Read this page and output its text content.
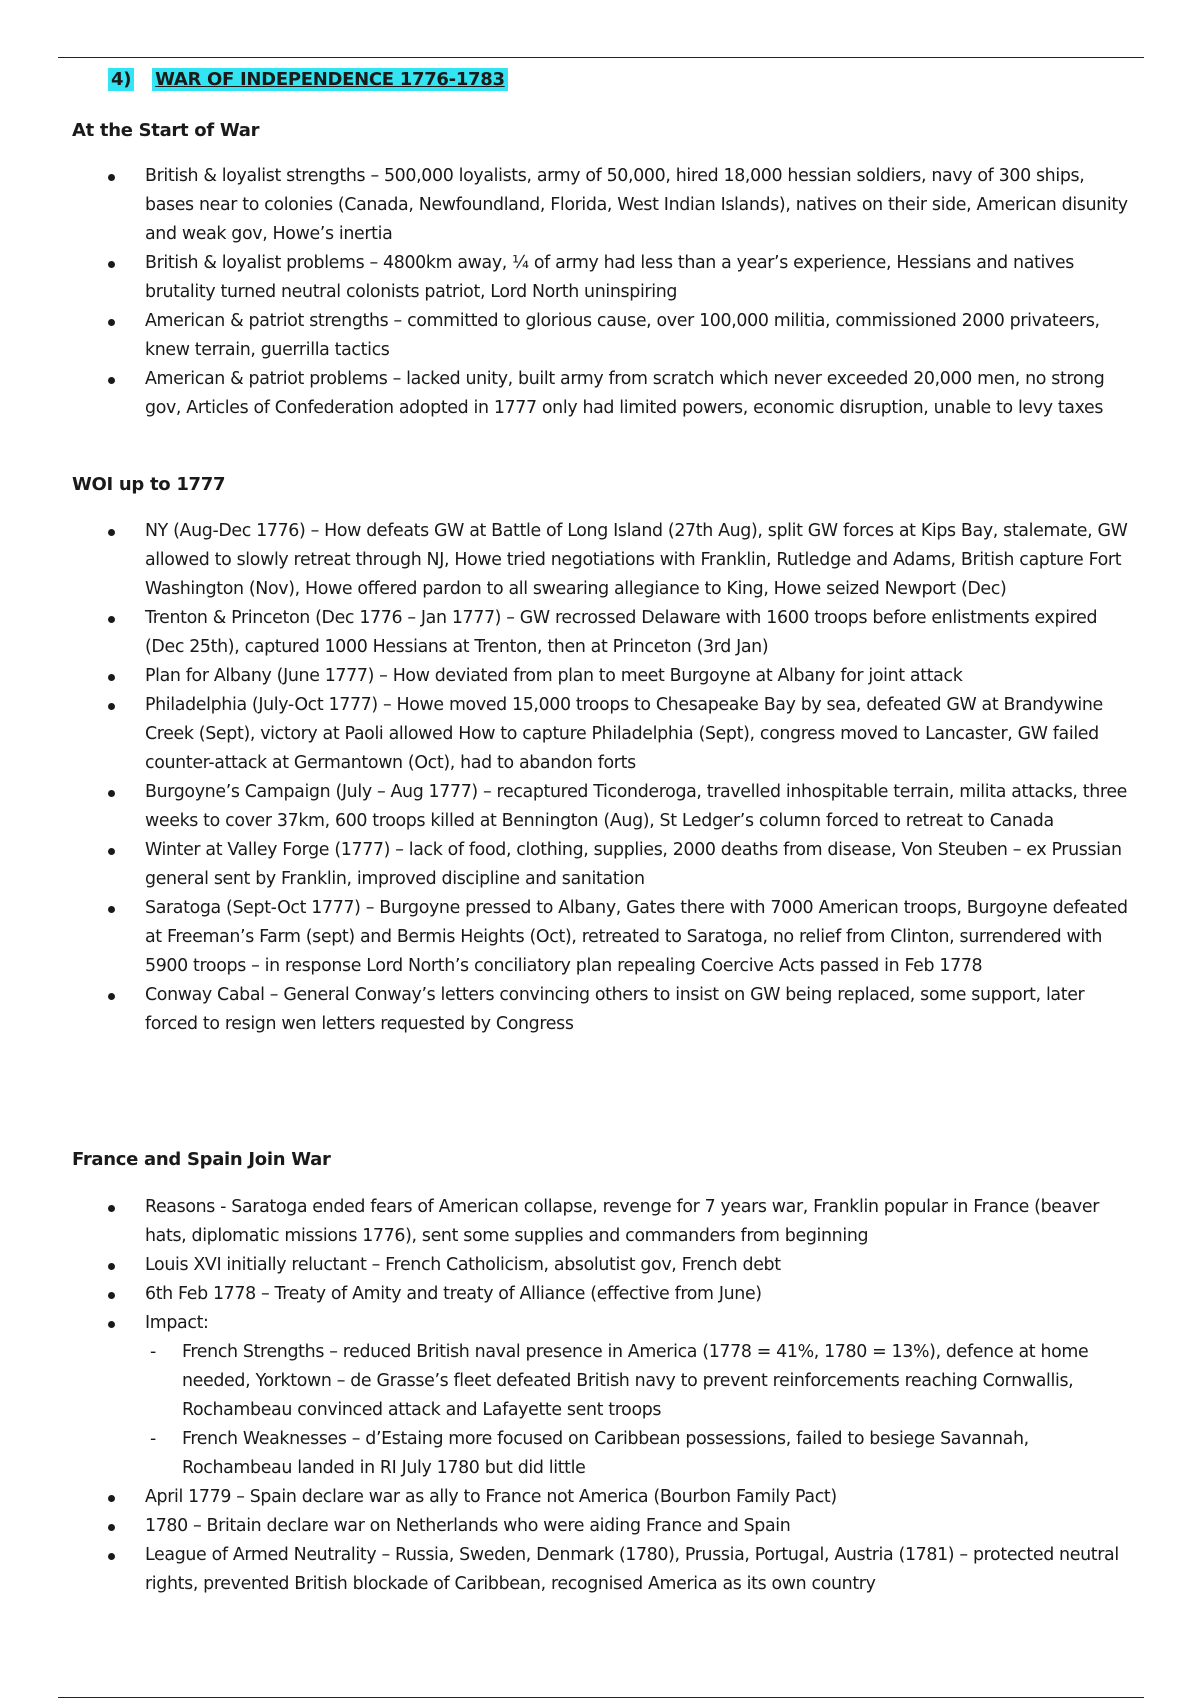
4) WAR OF INDEPENDENCE 1776-1783
At the Start of War
British & loyalist strengths – 500,000 loyalists, army of 50,000, hired 18,000 hessian soldiers, navy of 300 ships, bases near to colonies (Canada, Newfoundland, Florida, West Indian Islands), natives on their side, American disunity and weak gov, Howe’s inertia
British & loyalist problems – 4800km away, ¼ of army had less than a year’s experience, Hessians and natives brutality turned neutral colonists patriot, Lord North uninspiring
American & patriot strengths – committed to glorious cause, over 100,000 militia, commissioned 2000 privateers, knew terrain, guerrilla tactics
American & patriot problems – lacked unity, built army from scratch which never exceeded 20,000 men, no strong gov, Articles of Confederation adopted in 1777 only had limited powers, economic disruption, unable to levy taxes
WOI up to 1777
NY (Aug-Dec 1776) – How defeats GW at Battle of Long Island (27th Aug), split GW forces at Kips Bay, stalemate, GW allowed to slowly retreat through NJ, Howe tried negotiations with Franklin, Rutledge and Adams, British capture Fort Washington (Nov), Howe offered pardon to all swearing allegiance to King, Howe seized Newport (Dec)
Trenton & Princeton (Dec 1776 – Jan 1777) – GW recrossed Delaware with 1600 troops before enlistments expired (Dec 25th), captured 1000 Hessians at Trenton, then at Princeton (3rd Jan)
Plan for Albany (June 1777) – How deviated from plan to meet Burgoyne at Albany for joint attack
Philadelphia (July-Oct 1777) – Howe moved 15,000 troops to Chesapeake Bay by sea, defeated GW at Brandywine Creek (Sept), victory at Paoli allowed How to capture Philadelphia (Sept), congress moved to Lancaster, GW failed counter-attack at Germantown (Oct), had to abandon forts
Burgoyne’s Campaign (July – Aug 1777) – recaptured Ticonderoga, travelled inhospitable terrain, milita attacks, three weeks to cover 37km, 600 troops killed at Bennington (Aug), St Ledger’s column forced to retreat to Canada
Winter at Valley Forge (1777) – lack of food, clothing, supplies, 2000 deaths from disease, Von Steuben – ex Prussian general sent by Franklin, improved discipline and sanitation
Saratoga (Sept-Oct 1777) – Burgoyne pressed to Albany, Gates there with 7000 American troops, Burgoyne defeated at Freeman’s Farm (sept) and Bermis Heights (Oct), retreated to Saratoga, no relief from Clinton, surrendered with 5900 troops – in response Lord North’s conciliatory plan repealing Coercive Acts passed in Feb 1778
Conway Cabal – General Conway’s letters convincing others to insist on GW being replaced, some support, later forced to resign wen letters requested by Congress
France and Spain Join War
Reasons - Saratoga ended fears of American collapse, revenge for 7 years war, Franklin popular in France (beaver hats, diplomatic missions 1776), sent some supplies and commanders from beginning
Louis XVI initially reluctant – French Catholicism, absolutist gov, French debt
6th Feb 1778 – Treaty of Amity and treaty of Alliance (effective from June)
Impact:
- French Strengths – reduced British naval presence in America (1778 = 41%, 1780 = 13%), defence at home needed, Yorktown – de Grasse’s fleet defeated British navy to prevent reinforcements reaching Cornwallis, Rochambeau convinced attack and Lafayette sent troops
- French Weaknesses – d’Estaing more focused on Caribbean possessions, failed to besiege Savannah, Rochambeau landed in RI July 1780 but did little
April 1779 – Spain declare war as ally to France not America (Bourbon Family Pact)
1780 – Britain declare war on Netherlands who were aiding France and Spain
League of Armed Neutrality – Russia, Sweden, Denmark (1780), Prussia, Portugal, Austria (1781) – protected neutral rights, prevented British blockade of Caribbean, recognised America as its own country
